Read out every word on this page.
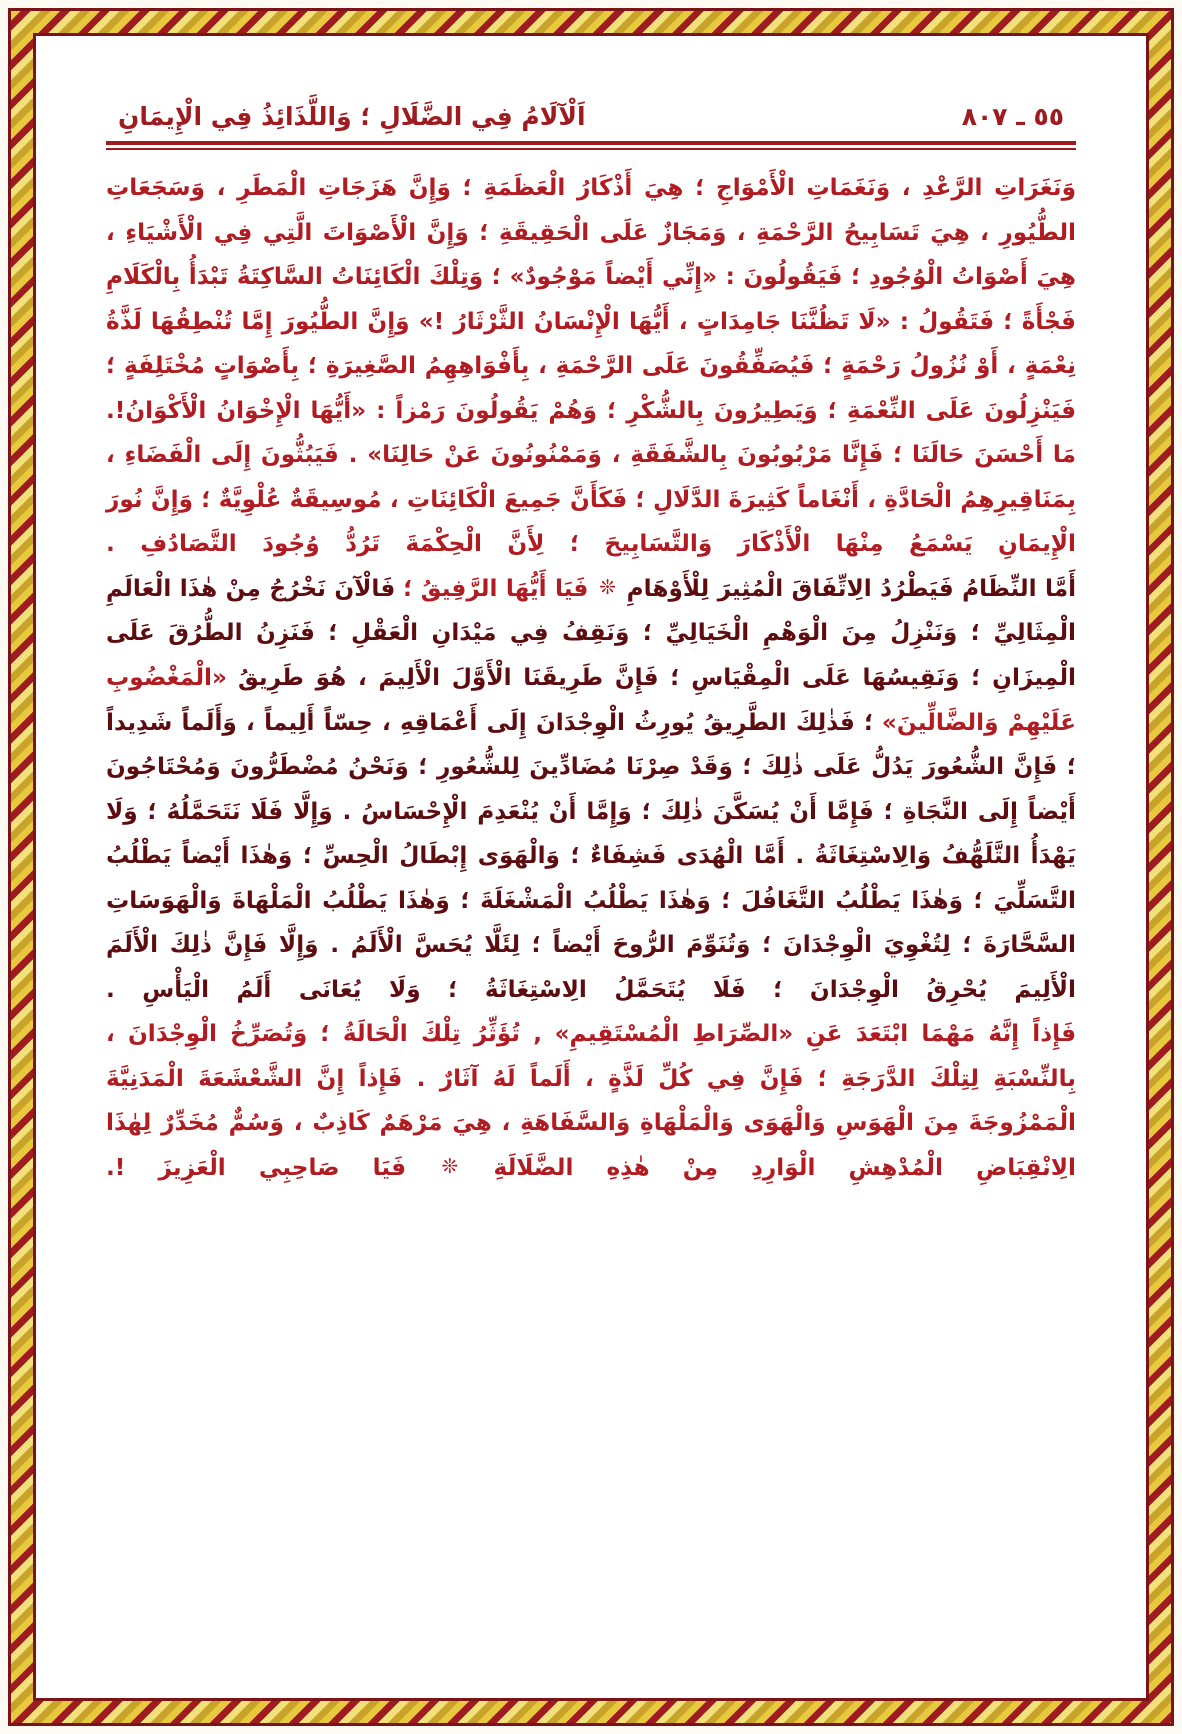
اَلْآلَامُ فِي الضَّلَالِ ؛ وَاللَّذَائِذُ فِي الْإِيمَانِ	٥٥ ـ ٨٠٧

وَنَغَرَاتِ الرَّعْدِ ، وَنَغَمَاتِ الْأَمْوَاجِ ؛ هِيَ أَذْكَارُ الْعَظَمَةِ ؛ وَإِنَّ هَزَجَاتِ الْمَطَرِ ، وَسَجَعَاتِ الطُّيُورِ ، هِيَ تَسَابِيحُ الرَّحْمَةِ ، وَمَجَازٌ عَلَى الْحَقِيقَةِ ؛ وَإِنَّ الْأَصْوَاتَ الَّتِي فِي الْأَشْيَاءِ ، هِيَ أَصْوَاتُ الْوُجُودِ ؛ فَيَقُولُونَ : «إِنِّي أَيْضاً مَوْجُودٌ» ؛ وَتِلْكَ الْكَائِنَاتُ السَّاكِتَةُ تَبْدَأُ بِالْكَلَامِ فَجْأَةً ؛ فَتَقُولُ : «لَا تَظُنَّنَا جَامِدَاتٍ ، أَيُّهَا الْإِنْسَانُ الثَّرْثَارُ !» وَإِنَّ الطُّيُورَ إِمَّا تُنْطِقُهَا لَذَّةُ نِعْمَةٍ ، أَوْ نُزُولُ رَحْمَةٍ ؛ فَيُصَفِّقُونَ عَلَى الرَّحْمَةِ ، بِأَفْوَاهِهِمُ الصَّغِيرَةِ ؛ بِأَصْوَاتٍ مُخْتَلِفَةٍ ؛ فَيَنْزِلُونَ عَلَى النِّعْمَةِ ؛ وَيَطِيرُونَ بِالشُّكْرِ ؛ وَهُمْ يَقُولُونَ رَمْزاً : «أَيُّهَا الْإِخْوَانُ الْأَكْوَانُ!. مَا أَحْسَنَ حَالَنَا ؛ فَإِنَّا مَرْبُوبُونَ بِالشَّفَقَةِ ، وَمَمْنُونُونَ عَنْ حَالِنَا» . فَيَبُثُّونَ إِلَى الْفَضَاءِ ، بِمَنَاقِيرِهِمُ الْحَادَّةِ ، أَنْغَاماً كَثِيرَةَ الدَّلَالِ ؛ فَكَأَنَّ جَمِيعَ الْكَائِنَاتِ ، مُوسِيقَةٌ عُلْوِيَّةٌ ؛ وَإِنَّ نُورَ الْإِيمَانِ يَسْمَعُ مِنْهَا الْأَذْكَارَ وَالتَّسَابِيحَ ؛ لِأَنَّ الْحِكْمَةَ تَرُدُّ وُجُودَ التَّصَادُفِ .

أَمَّا النِّظَامُ فَيَطْرُدُ الِاتِّفَاقَ الْمُثِيرَ لِلْأَوْهَامِ ❊ فَيَا أَيُّهَا الرَّفِيقُ ؛ فَالْآنَ نَخْرُجُ مِنْ هٰذَا الْعَالَمِ الْمِثَالِيِّ ؛ وَنَنْزِلُ مِنَ الْوَهْمِ الْخَيَالِيِّ ؛ وَنَقِفُ فِي مَيْدَانِ الْعَقْلِ ؛ فَنَزِنُ الطُّرُقَ عَلَى الْمِيزَانِ ؛ وَنَقِيسُهَا عَلَى الْمِقْيَاسِ ؛ فَإِنَّ طَرِيقَنَا الْأَوَّلَ الْأَلِيمَ ، هُوَ طَرِيقُ «الْمَغْضُوبِ عَلَيْهِمْ وَالضَّالِّينَ» ؛ فَذٰلِكَ الطَّرِيقُ يُورِثُ الْوِجْدَانَ إِلَى أَعْمَاقِهِ ، حِسّاً أَلِيماً ، وَأَلَماً شَدِيداً ؛ فَإِنَّ الشُّعُورَ يَدُلُّ عَلَى ذٰلِكَ ؛ وَقَدْ صِرْنَا مُضَادِّينَ لِلشُّعُورِ ؛ وَنَحْنُ مُضْطَرُّونَ وَمُحْتَاجُونَ أَيْضاً إِلَى النَّجَاةِ ؛ فَإِمَّا أَنْ يُسَكَّنَ ذٰلِكَ ؛ وَإِمَّا أَنْ يُنْعَدِمَ الْإِحْسَاسُ . وَإِلَّا فَلَا نَتَحَمَّلُهُ ؛ وَلَا يَهْدَأُ التَّلَهُّفُ وَالِاسْتِغَاثَةُ . أَمَّا الْهُدَى فَشِفَاءٌ ؛ وَالْهَوَى إِبْطَالُ الْحِسِّ ؛ وَهٰذَا أَيْضاً يَطْلُبُ التَّسَلِّيَ ؛ وَهٰذَا يَطْلُبُ التَّغَافُلَ ؛ وَهٰذَا يَطْلُبُ الْمَشْغَلَةَ ؛ وَهٰذَا يَطْلُبُ الْمَلْهَاةَ وَالْهَوَسَاتِ السَّحَّارَةَ ؛ لِتُغْوِيَ الْوِجْدَانَ ؛ وَتُنَوِّمَ الرُّوحَ أَيْضاً ؛ لِئَلَّا يُحَسَّ الْأَلَمُ . وَإِلَّا فَإِنَّ ذٰلِكَ الْأَلَمَ الْأَلِيمَ يُحْرِقُ الْوِجْدَانَ ؛ فَلَا يُتَحَمَّلُ الِاسْتِغَاثَةُ ؛ وَلَا يُعَانَى أَلَمُ الْيَأْسِ .

فَإِذاً إِنَّهُ مَهْمَا ابْتَعَدَ عَنِ «الصِّرَاطِ الْمُسْتَقِيمِ» , تُؤَثِّرُ تِلْكَ الْحَالَةُ ؛ وَتُصَرِّخُ الْوِجْدَانَ ، بِالنِّسْبَةِ لِتِلْكَ الدَّرَجَةِ ؛ فَإِنَّ فِي كُلِّ لَذَّةٍ ، أَلَماً لَهُ آثَارٌ . فَإِذاً إِنَّ الشَّعْشَعَةَ الْمَدَنِيَّةَ الْمَمْزُوجَةَ مِنَ الْهَوَسِ وَالْهَوَى وَالْمَلْهَاةِ وَالسَّفَاهَةِ ، هِيَ مَرْهَمٌ كَاذِبٌ ، وَسُمٌّ مُخَدِّرٌ لِهٰذَا الِانْقِبَاضِ الْمُدْهِشِ الْوَارِدِ مِنْ هٰذِهِ الضَّلَالَةِ ❊ فَيَا صَاحِبِي الْعَزِيزَ !.
